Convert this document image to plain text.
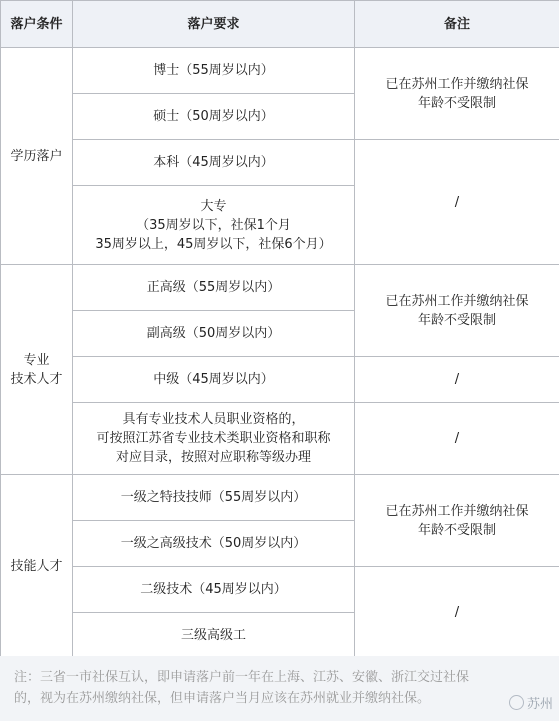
落户条件	落户要求	备注
学历落户	博士（55周岁以内）	已在苏州工作并缴纳社保
年龄不受限制

	硕士（50周岁以内）	
	本科（45周岁以内）	/

	大专
（35周岁以下，社保1个月
35周岁以上，45周岁以下，社保6个月）	

专业
技术人才	正高级（55周岁以内）	已在苏州工作并缴纳社保
年龄不受限制

	副高级（50周岁以内）	
	中级（45周岁以内）	/

	具有专业技术人员职业资格的，
可按照江苏省专业技术类职业资格和职称
对应目录，按照对应职称等级办理	/
技能人才	一级之特技技师（55周岁以内）	已在苏州工作并缴纳社保
年龄不受限制

	一级之高级技术（50周岁以内）	
	二级技术（45周岁以内）	/
	三级高级工	
注：三省一市社保互认，即申请落户前一年在上海、江苏、安徽、浙江交过社保
的，视为在苏州缴纳社保，但申请落户当月应该在苏州就业并缴纳社保。	苏州
